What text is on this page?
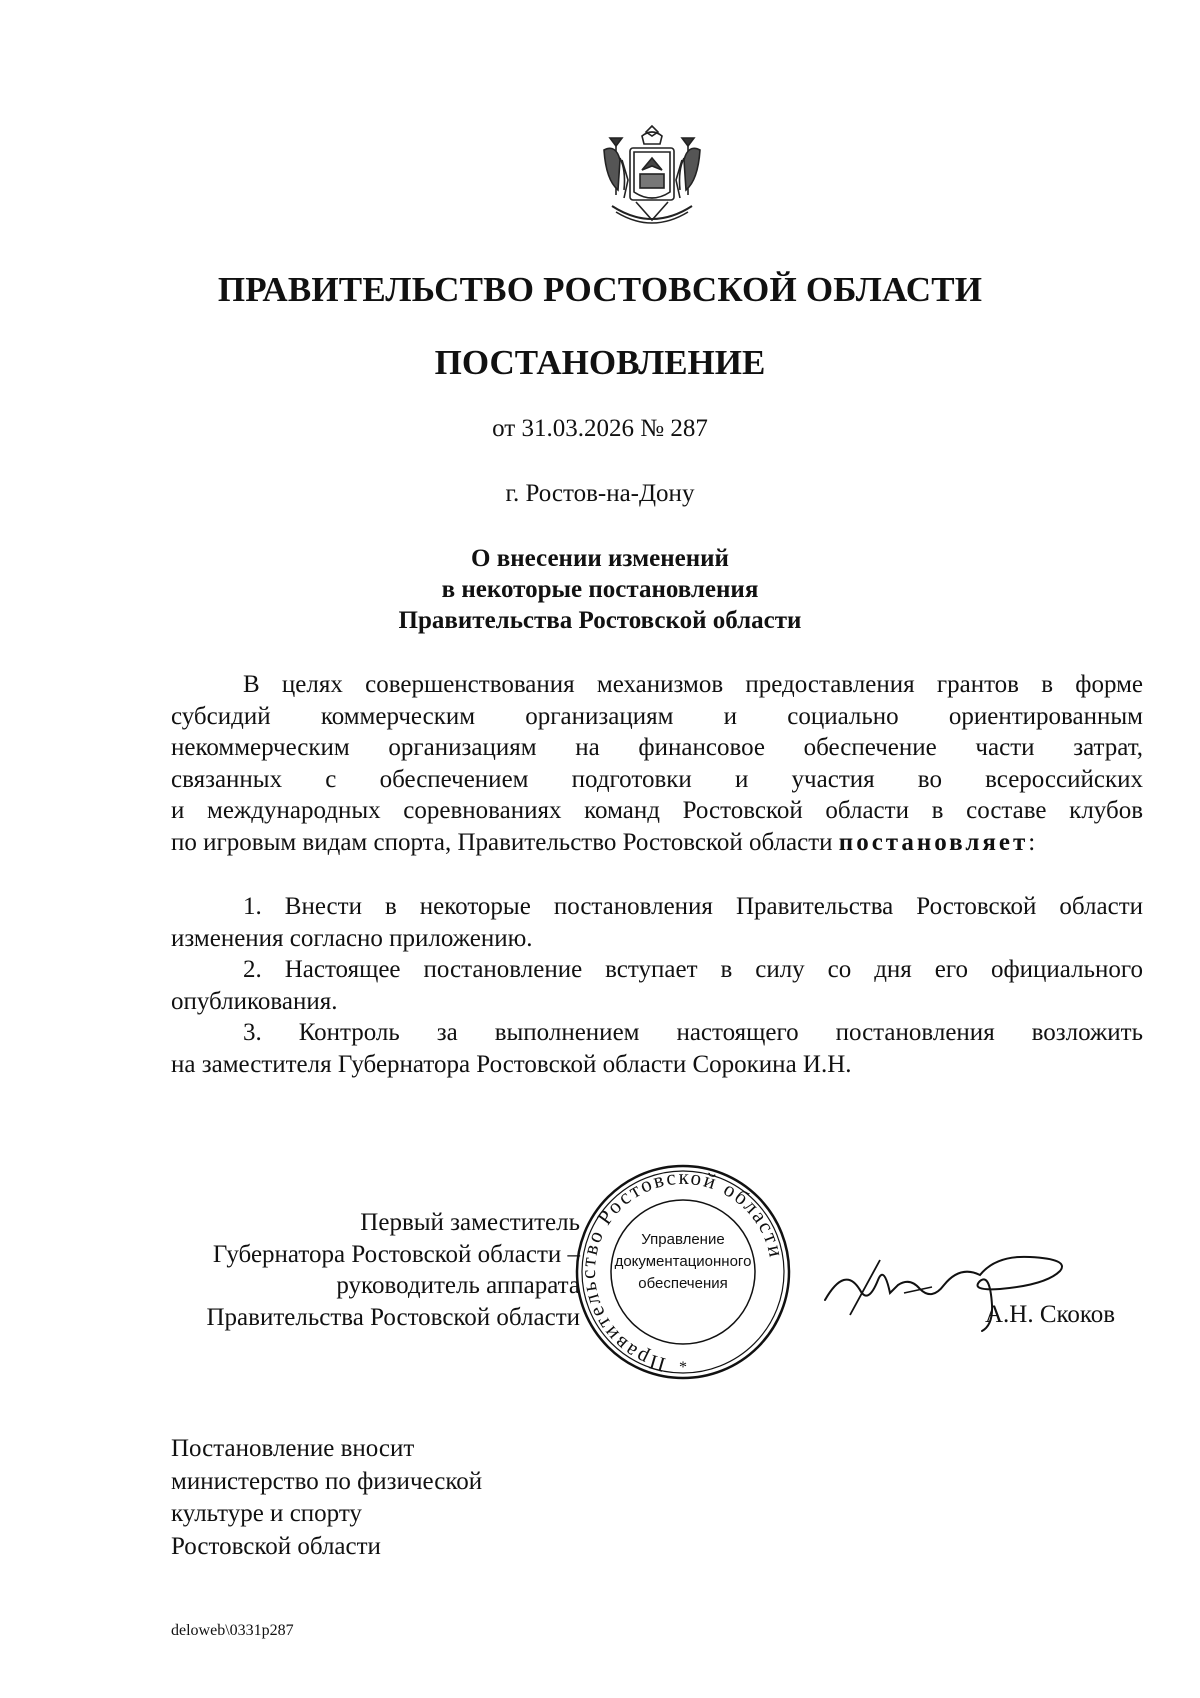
ПРАВИТЕЛЬСТВО РОСТОВСКОЙ ОБЛАСТИ
ПОСТАНОВЛЕНИЕ
от 31.03.2026 № 287
г. Ростов-на-Дону
О внесении изменений
в некоторые постановления
Правительства Ростовской области
В целях совершенствования механизмов предоставления грантов в форме
субсидий коммерческим организациям и социально ориентированным
некоммерческим организациям на финансовое обеспечение части затрат,
связанных с обеспечением подготовки и участия во всероссийских
и международных соревнованиях команд Ростовской области в составе клубов
по игровым видам спорта, Правительство Ростовской области постановляет:
1. Внести в некоторые постановления Правительства Ростовской области
изменения согласно приложению.
2. Настоящее постановление вступает в силу со дня его официального
опубликования.
3. Контроль за выполнением настоящего постановления возложить
на заместителя Губернатора Ростовской области Сорокина И.Н.
Первый заместитель
Губернатора Ростовской области –
руководитель аппарата
Правительства Ростовской области
Правительство Ростовской области
*
Управление
документационного
обеспечения
А.Н. Скоков
Постановление вносит
министерство по физической
культуре и спорту
Ростовской области
deloweb\0331p287
